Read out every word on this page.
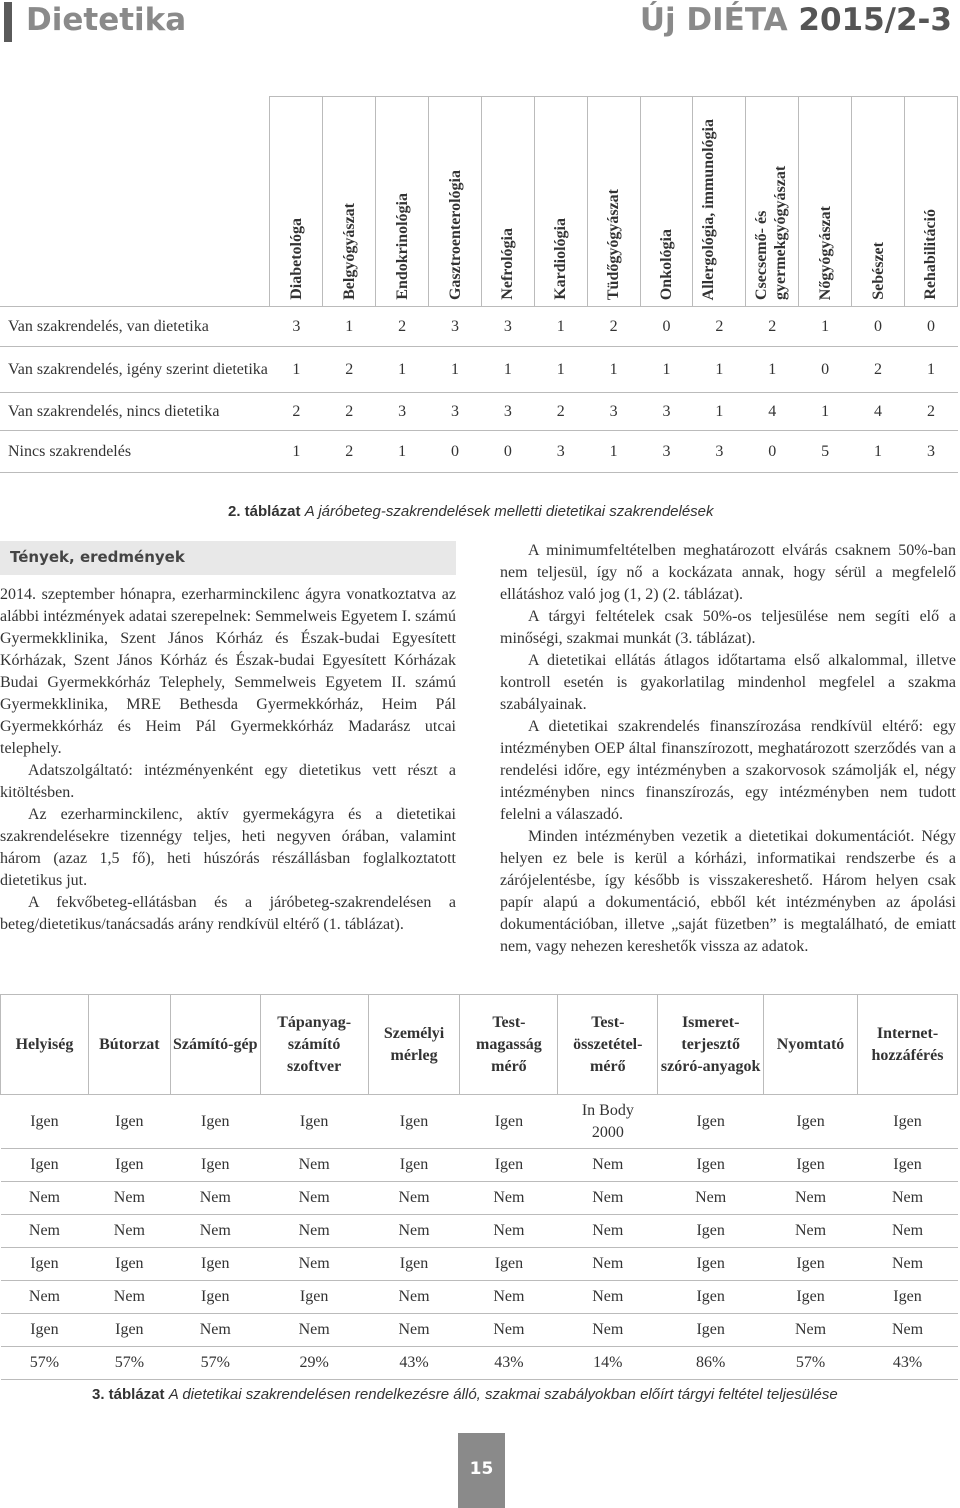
Dietetika	Új DIÉTA 2015/2-3

	Diabetológa	Belgyógyászat	Endokrinológia	Gasztroenterológia	Nefrológia	Kardiológia	Tüdőgyógyászat	Onkológia	Allergológia, immunológia	Csecsemő- és gyermekgyógyászat	Nőgyógyászat	Sebészet	Rehabilitáció

Van szakrendelés, van dietetika	3	1	2	3	3	1	2	0	2	2	1	0	0
Van szakrendelés, igény szerint dietetika	1	2	1	1	1	1	1	1	1	1	0	2	1
Van szakrendelés, nincs dietetika	2	2	3	3	3	2	3	3	1	4	1	4	2
Nincs szakrendelés	1	2	1	0	0	3	1	3	3	0	5	1	3
2. táblázat A járóbeteg-szakrendelések melletti dietetikai szakrendelések
Tények, eredmények

2014. szeptember hónapra, ezerharminckilenc ágyra vonatkoztatva az alábbi intézmények adatai szerepelnek: Semmelweis Egyetem I. számú Gyermekklinika, Szent János Kórház és Észak-budai Egyesített Kórházak, Szent János Kórház és Észak-budai Egyesített Kórházak Budai Gyermekkórház Telephely, Semmelweis Egyetem II. számú Gyermekklinika, MRE Bethesda Gyermekkórház, Heim Pál Gyermekkórház és Heim Pál Gyermekkórház Madarász utcai telephely.

Adatszolgáltató: intézményenként egy dietetikus vett részt a kitöltésben.

Az ezerharminckilenc, aktív gyermekágyra és a dietetikai szakrendelésekre tizennégy teljes, heti negyven órában, valamint három (azaz 1,5 fő), heti húszórás részállásban foglalkoztatott dietetikus jut.

A fekvőbeteg-ellátásban és a járóbeteg-szakrendelésen a beteg/dietetikus/tanácsadás arány rendkívül eltérő (1. táblázat).

A minimumfeltételben meghatározott elvárás csaknem 50%-ban nem teljesül, így nő a kockázata annak, hogy sérül a megfelelő ellátáshoz való jog (1, 2) (2. táblázat).

A tárgyi feltételek csak 50%-os teljesülése nem segíti elő a minőségi, szakmai munkát (3. táblázat).

A dietetikai ellátás átlagos időtartama első alkalommal, illetve kontroll esetén is gyakorlatilag mindenhol megfelel a szakma szabályainak.

A dietetikai szakrendelés finanszírozása rendkívül eltérő: egy intézményben OEP által finanszírozott, meghatározott szerződés van a rendelési időre, egy intézményben a szakorvosok számolják el, négy intézményben nincs finanszírozás, egy intézményben nem tudott felelni a válaszadó.

Minden intézményben vezetik a dietetikai dokumentációt. Négy helyen ez bele is kerül a kórházi, informatikai rendszerbe és a zárójelentésbe, így később is visszakereshető. Három helyen csak papír alapú a dokumentáció, ebből két intézményben az ápolási dokumentációban, illetve „saját füzetben” is megtalálható, de emiatt nem, vagy nehezen kereshetők vissza az adatok.

Helyiség	Bútorzat	Számító-gép	Tápanyag-számító szoftver	Személyi mérleg	Test-magasság mérő	Test-összetétel-mérő	Ismeret-terjesztő szóró-anyagok	Nyomtató	Internet-hozzáférés
Igen	Igen	Igen	Igen	Igen	Igen	In Body 2000	Igen	Igen	Igen
Igen	Igen	Igen	Nem	Igen	Igen	Nem	Igen	Igen	Igen
Nem	Nem	Nem	Nem	Nem	Nem	Nem	Nem	Nem	Nem
Nem	Nem	Nem	Nem	Nem	Nem	Nem	Igen	Nem	Nem
Igen	Igen	Igen	Nem	Igen	Igen	Nem	Igen	Igen	Nem
Nem	Nem	Igen	Igen	Nem	Nem	Nem	Igen	Igen	Igen
Igen	Igen	Nem	Nem	Nem	Nem	Nem	Igen	Nem	Nem
57%	57%	57%	29%	43%	43%	14%	86%	57%	43%
3. táblázat A dietetikai szakrendelésen rendelkezésre álló, szakmai szabályokban előírt tárgyi feltétel teljesülése
15
